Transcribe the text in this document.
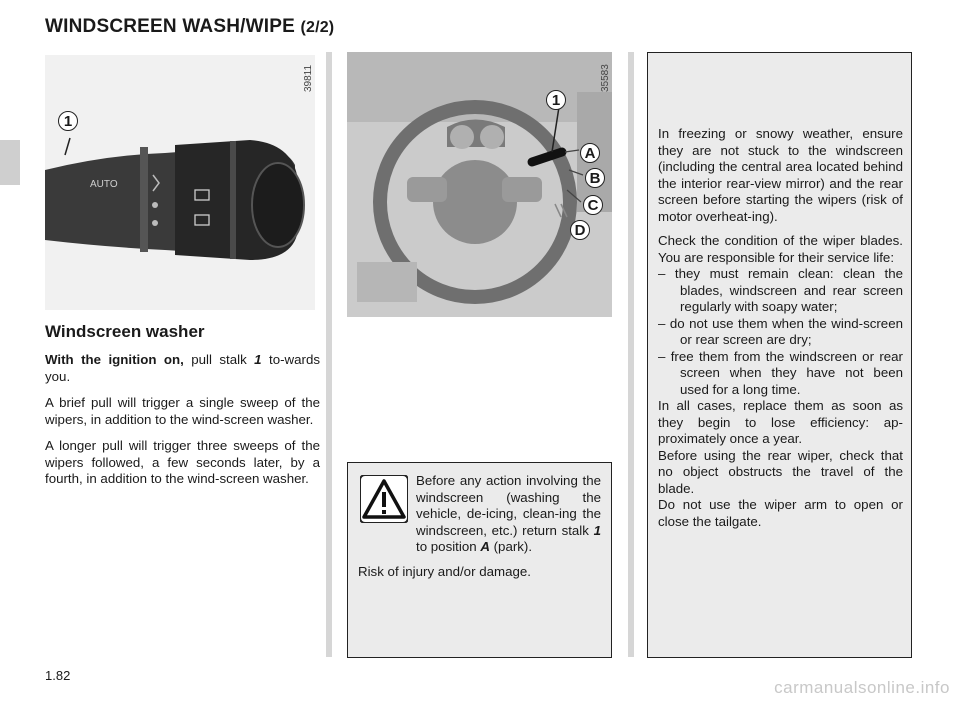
WINDSCREEN WASH/WIPE (2/2)
AUTO
39811
1
35583
1
A
B
C
D
Windscreen washer

With the ignition on, pull stalk 1 to-wards you.

A brief pull will trigger a single sweep of the wipers, in addition to the wind-screen washer.

A longer pull will trigger three sweeps of the wipers followed, a few seconds later, by a fourth, in addition to the wind-screen washer.	Before any action involving the windscreen (washing the vehicle, de-icing, clean-ing the windscreen, etc.) return stalk 1 to position A (park).
Risk of injury and/or damage.

In freezing or snowy weather, ensure they are not stuck to the windscreen (including the central area located behind the interior rear-view mirror) and the rear screen before starting the wipers (risk of motor overheat-ing).

Check the condition of the wiper blades. You are responsible for their service life:

– they must remain clean: clean the blades, windscreen and rear screen regularly with soapy water;
– do not use them when the wind-screen or rear screen are dry;
– free them from the windscreen or rear screen when they have not been used for a long time.

In all cases, replace them as soon as they begin to lose efficiency: ap-proximately once a year.

Before using the rear wiper, check that no object obstructs the travel of the blade.

Do not use the wiper arm to open or close the tailgate.

1.82
carmanualsonline.info
